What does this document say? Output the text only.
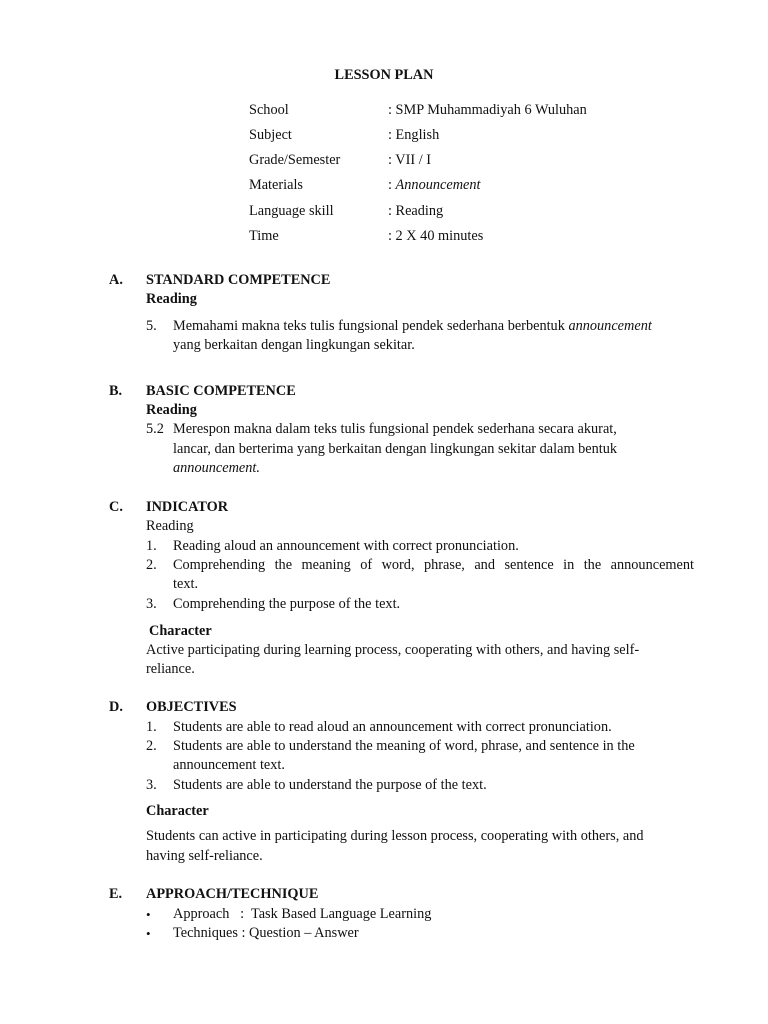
LESSON PLAN
School	: SMP Muhammadiyah 6 Wuluhan
Subject	: English
Grade/Semester	: VII / I
Materials	: Announcement
Language skill	: Reading
Time	: 2 X 40 minutes
A. STANDARD COMPETENCE
Reading
5. Memahami makna teks tulis fungsional pendek sederhana berbentuk announcement
yang berkaitan dengan lingkungan sekitar.
B. BASIC COMPETENCE
Reading
5.2 Merespon makna dalam teks tulis fungsional pendek sederhana secara akurat,
lancar, dan berterima yang berkaitan dengan lingkungan sekitar dalam bentuk
announcement.
C. INDICATOR
Reading
1. Reading aloud an announcement with correct pronunciation.
2. Comprehending the meaning of word, phrase, and sentence in the announcement
text.
3. Comprehending the purpose of the text.
Character
Active participating during learning process, cooperating with others, and having self-
reliance.
D. OBJECTIVES
1. Students are able to read aloud an announcement with correct pronunciation.
2. Students are able to understand the meaning of word, phrase, and sentence in the
announcement text.
3. Students are able to understand the purpose of the text.
Character
Students can active in participating during lesson process, cooperating with others, and
having self-reliance.
E. APPROACH/TECHNIQUE
• Approach   :  Task Based Language Learning
• Techniques : Question – Answer
